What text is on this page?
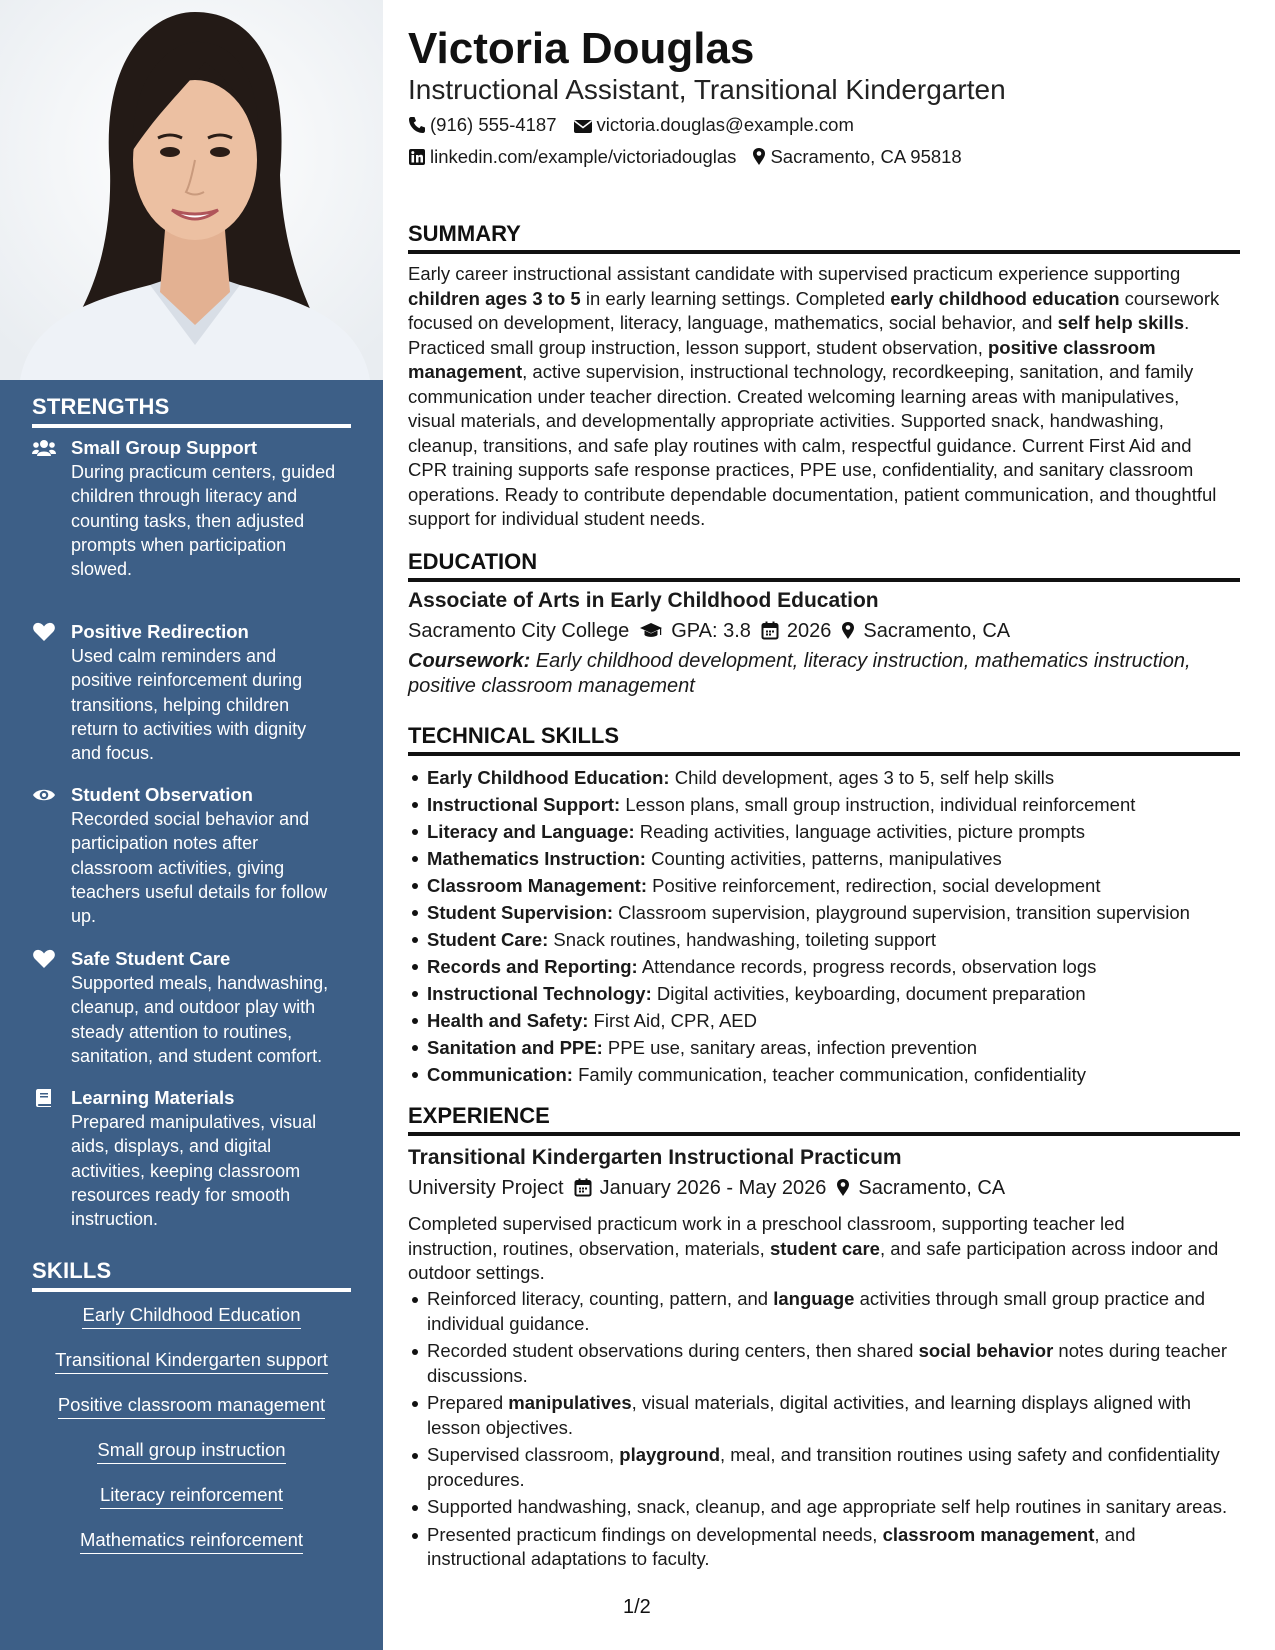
STRENGTHS
Small Group Support
During practicum centers, guided
children through literacy and
counting tasks, then adjusted
prompts when participation
slowed.
Positive Redirection
Used calm reminders and
positive reinforcement during
transitions, helping children
return to activities with dignity
and focus.
Student Observation
Recorded social behavior and
participation notes after
classroom activities, giving
teachers useful details for follow
up.
Safe Student Care
Supported meals, handwashing,
cleanup, and outdoor play with
steady attention to routines,
sanitation, and student comfort.
Learning Materials
Prepared manipulatives, visual
aids, displays, and digital
activities, keeping classroom
resources ready for smooth
instruction.
SKILLS
Early Childhood Education
Transitional Kindergarten support
Positive classroom management
Small group instruction
Literacy reinforcement
Mathematics reinforcement
Victoria Douglas
Instructional Assistant, Transitional Kindergarten
(916) 555-4187 victoria.douglas@example.com
linkedin.com/example/victoriadouglas Sacramento, CA 95818
SUMMARY
Early career instructional assistant candidate with supervised practicum experience supporting
children ages 3 to 5 in early learning settings. Completed early childhood education coursework
focused on development, literacy, language, mathematics, social behavior, and self help skills.
Practiced small group instruction, lesson support, student observation, positive classroom
management, active supervision, instructional technology, recordkeeping, sanitation, and family
communication under teacher direction. Created welcoming learning areas with manipulatives,
visual materials, and developmentally appropriate activities. Supported snack, handwashing,
cleanup, transitions, and safe play routines with calm, respectful guidance. Current First Aid and
CPR training supports safe response practices, PPE use, confidentiality, and sanitary classroom
operations. Ready to contribute dependable documentation, patient communication, and thoughtful
support for individual student needs.
EDUCATION
Associate of Arts in Early Childhood Education
Sacramento City College GPA: 3.8 2026 Sacramento, CA
Coursework: Early childhood development, literacy instruction, mathematics instruction,
positive classroom management
TECHNICAL SKILLS
Early Childhood Education: Child development, ages 3 to 5, self help skills
Instructional Support: Lesson plans, small group instruction, individual reinforcement
Literacy and Language: Reading activities, language activities, picture prompts
Mathematics Instruction: Counting activities, patterns, manipulatives
Classroom Management: Positive reinforcement, redirection, social development
Student Supervision: Classroom supervision, playground supervision, transition supervision
Student Care: Snack routines, handwashing, toileting support
Records and Reporting: Attendance records, progress records, observation logs
Instructional Technology: Digital activities, keyboarding, document preparation
Health and Safety: First Aid, CPR, AED
Sanitation and PPE: PPE use, sanitary areas, infection prevention
Communication: Family communication, teacher communication, confidentiality
EXPERIENCE
Transitional Kindergarten Instructional Practicum
University Project January 2026 - May 2026 Sacramento, CA
Completed supervised practicum work in a preschool classroom, supporting teacher led
instruction, routines, observation, materials, student care, and safe participation across indoor and
outdoor settings.
Reinforced literacy, counting, pattern, and language activities through small group practice and
individual guidance.
Recorded student observations during centers, then shared social behavior notes during teacher
discussions.
Prepared manipulatives, visual materials, digital activities, and learning displays aligned with
lesson objectives.
Supervised classroom, playground, meal, and transition routines using safety and confidentiality
procedures.
Supported handwashing, snack, cleanup, and age appropriate self help routines in sanitary areas.
Presented practicum findings on developmental needs, classroom management, and
instructional adaptations to faculty.
1/2
